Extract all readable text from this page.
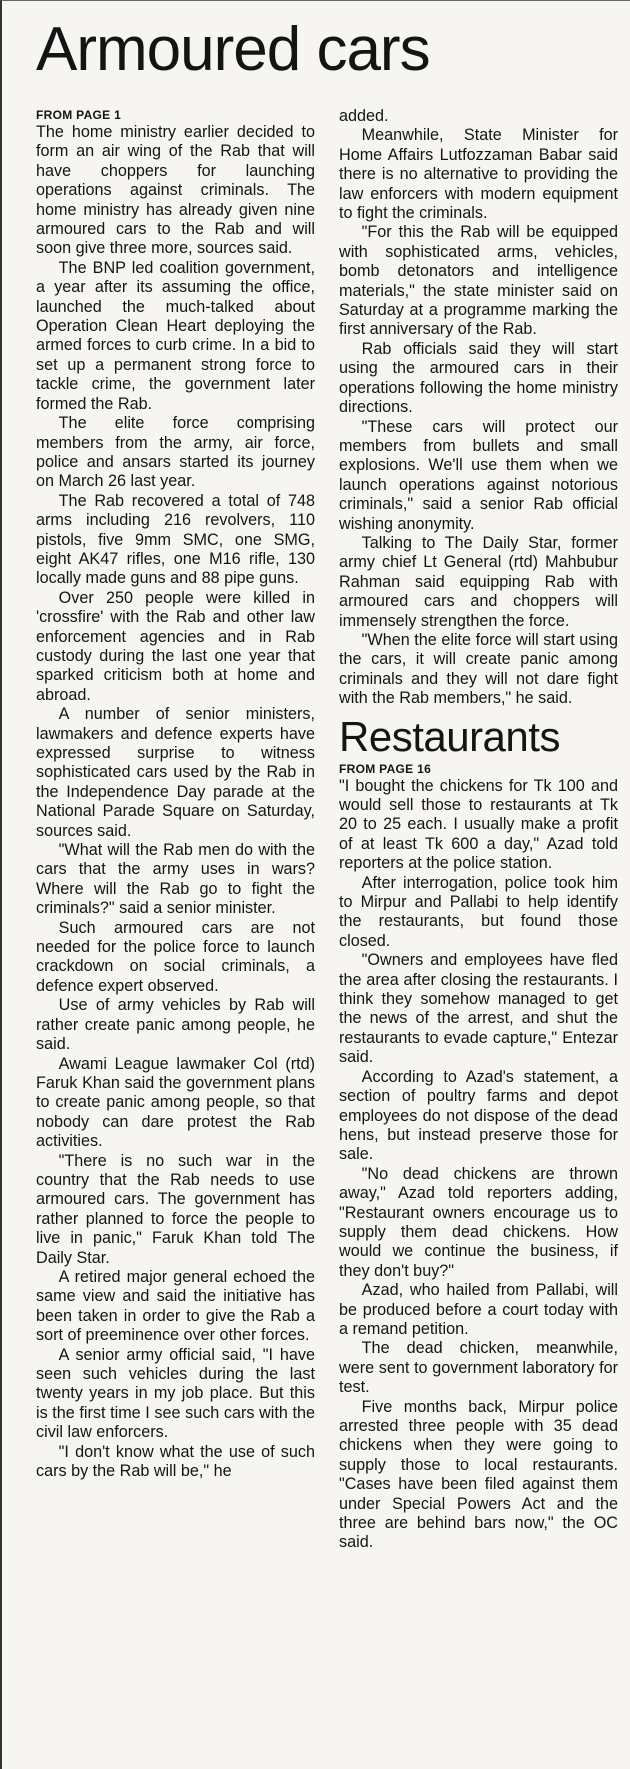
Armoured cars

FROM PAGE 1

The home ministry earlier decided to form an air wing of the Rab that will have choppers for launching operations against criminals. The home ministry has already given nine armoured cars to the Rab and will soon give three more, sources said.

The BNP led coalition government, a year after its assuming the office, launched the much-talked about Operation Clean Heart deploying the armed forces to curb crime. In a bid to set up a permanent strong force to tackle crime, the government later formed the Rab.

The elite force comprising members from the army, air force, police and ansars started its journey on March 26 last year.

The Rab recovered a total of 748 arms including 216 revolvers, 110 pistols, five 9mm SMC, one SMG, eight AK47 rifles, one M16 rifle, 130 locally made guns and 88 pipe guns.

Over 250 people were killed in 'crossfire' with the Rab and other law enforcement agencies and in Rab custody during the last one year that sparked criticism both at home and abroad.

A number of senior ministers, lawmakers and defence experts have expressed surprise to witness sophisticated cars used by the Rab in the Independence Day parade at the National Parade Square on Saturday, sources said.

"What will the Rab men do with the cars that the army uses in wars? Where will the Rab go to fight the criminals?" said a senior minister.

Such armoured cars are not needed for the police force to launch crackdown on social criminals, a defence expert observed.

Use of army vehicles by Rab will rather create panic among people, he said.

Awami League lawmaker Col (rtd) Faruk Khan said the government plans to create panic among people, so that nobody can dare protest the Rab activities.

"There is no such war in the country that the Rab needs to use armoured cars. The government has rather planned to force the people to live in panic," Faruk Khan told The Daily Star.

A retired major general echoed the same view and said the initiative has been taken in order to give the Rab a sort of preeminence over other forces.

A senior army official said, "I have seen such vehicles during the last twenty years in my job place. But this is the first time I see such cars with the civil law enforcers.

"I don't know what the use of such cars by the Rab will be," he

added.

Meanwhile, State Minister for Home Affairs Lutfozzaman Babar said there is no alternative to providing the law enforcers with modern equipment to fight the criminals.

"For this the Rab will be equipped with sophisticated arms, vehicles, bomb detonators and intelligence materials," the state minister said on Saturday at a programme marking the first anniversary of the Rab.

Rab officials said they will start using the armoured cars in their operations following the home ministry directions.

"These cars will protect our members from bullets and small explosions. We'll use them when we launch operations against notorious criminals," said a senior Rab official wishing anonymity.

Talking to The Daily Star, former army chief Lt General (rtd) Mahbubur Rahman said equipping Rab with armoured cars and choppers will immensely strengthen the force.

"When the elite force will start using the cars, it will create panic among criminals and they will not dare fight with the Rab members," he said.

Restaurants

FROM PAGE 16

"I bought the chickens for Tk 100 and would sell those to restaurants at Tk 20 to 25 each. I usually make a profit of at least Tk 600 a day," Azad told reporters at the police station.

After interrogation, police took him to Mirpur and Pallabi to help identify the restaurants, but found those closed.

"Owners and employees have fled the area after closing the restaurants. I think they somehow managed to get the news of the arrest, and shut the restaurants to evade capture," Entezar said.

According to Azad's statement, a section of poultry farms and depot employees do not dispose of the dead hens, but instead preserve those for sale.

"No dead chickens are thrown away," Azad told reporters adding, "Restaurant owners encourage us to supply them dead chickens. How would we continue the business, if they don't buy?"

Azad, who hailed from Pallabi, will be produced before a court today with a remand petition.

The dead chicken, meanwhile, were sent to government laboratory for test.

Five months back, Mirpur police arrested three people with 35 dead chickens when they were going to supply those to local restaurants. "Cases have been filed against them under Special Powers Act and the three are behind bars now," the OC said.
